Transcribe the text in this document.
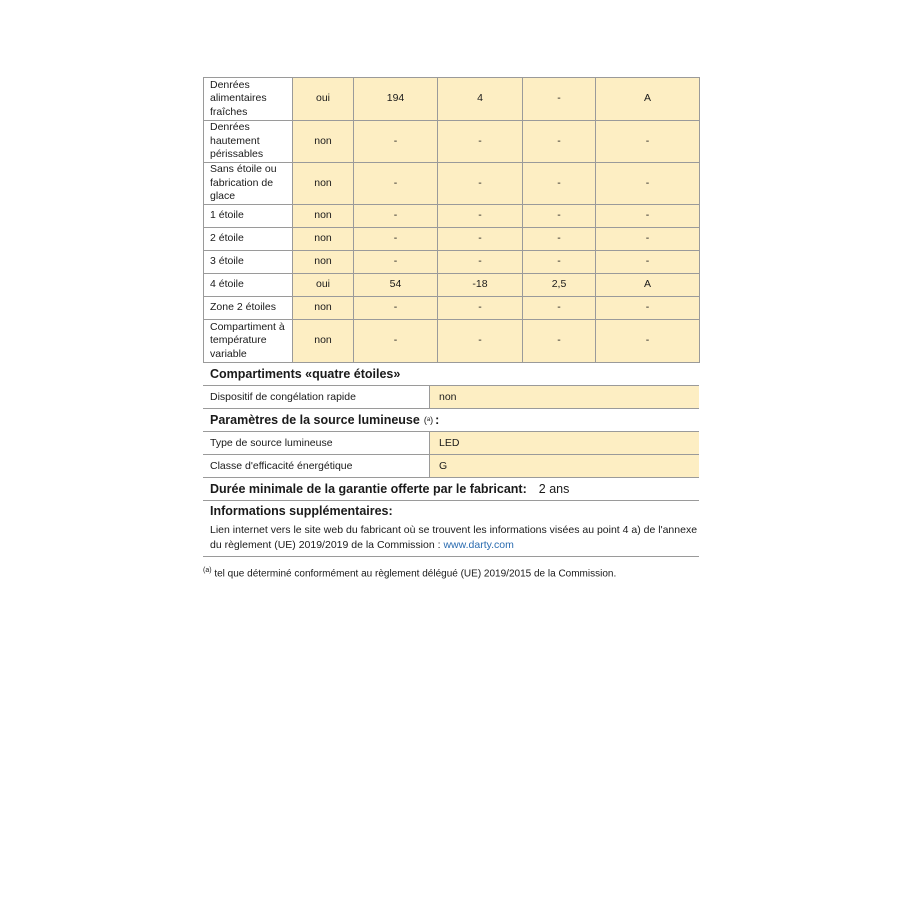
Denrées alimentaires fraîches	oui	194	4	-	A
Denrées hautement périssables	non	-	-	-	-
Sans étoile ou fabrication de glace	non	-	-	-	-
1 étoile	non	-	-	-	-
2 étoile	non	-	-	-	-
3 étoile	non	-	-	-	-
4 étoile	oui	54	-18	2,5	A
Zone 2 étoiles	non	-	-	-	-
Compartiment à température variable	non	-	-	-	-
Compartiments «quatre étoiles»
Dispositif de congélation rapide	non
Paramètres de la source lumineuse (ᵃ) :
Type de source lumineuse	LED
Classe d'efficacité énergétique	G
Durée minimale de la garantie offerte par le fabricant: 2 ans
Informations supplémentaires:
Lien internet vers le site web du fabricant où se trouvent les informations visées au point 4 a) de l'annexe du règlement (UE) 2019/2019 de la Commission : www.darty.com
$^{(a)}$ tel que déterminé conformément au règlement délégué (UE) 2019/2015 de la Commission.
